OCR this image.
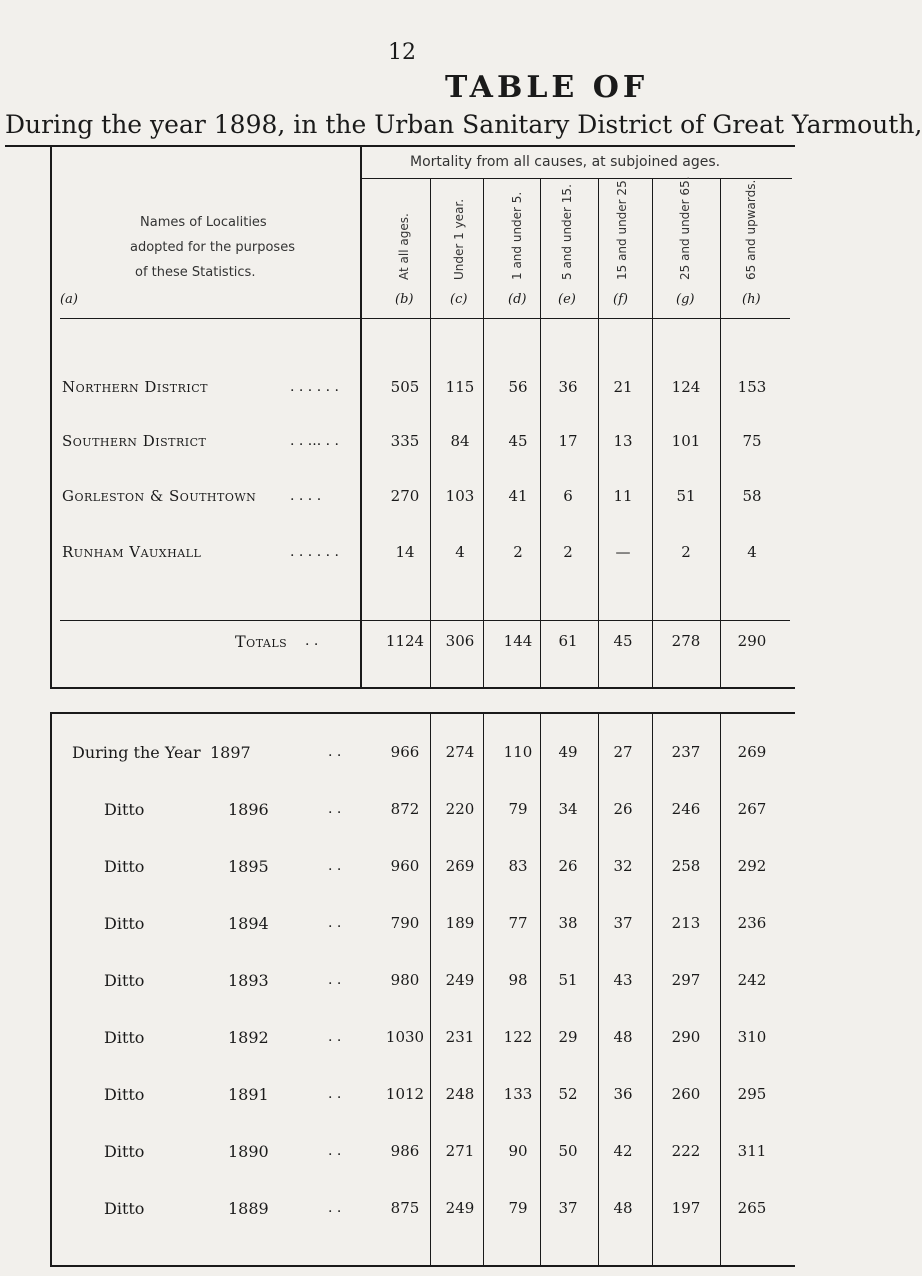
12
TABLE OF
During the year 1898, in the Urban Sanitary District of Great Yarmouth,
Mortality from all causes, at subjoined ages.
Names of Localities
adopted for the purposes
of these Statistics.
(a)
At all ages.
(b)
Under 1 year.
(c)
1 and under 5.
(d)
5 and under 15.
(e)
15 and under 25
(f)
25 and under 65.
(g)
65 and upwards.
(h)
Northern District	. . . . . .	505	115	56	36	21	124	153
Southern District	. . ... . .	335	84	45	17	13	101	75
Gorleston & Southtown . . . .	270	103	41	6	11	51	58
Runham Vauxhall	. . . . . .	14	4	2	2	—	2	4
Totals . .	1124	306	144	61	45	278	290
During the Year 1897	. .	966	274	110	49	27	237	269
Ditto	1896	. .	872	220	79	34	26	246	267
Ditto	1895	. .	960	269	83	26	32	258	292
Ditto	1894	. .	790	189	77	38	37	213	236
Ditto	1893	. .	980	249	98	51	43	297	242
Ditto	1892	. .	1030	231	122	29	48	290	310
Ditto	1891	. .	1012	248	133	52	36	260	295
Ditto	1890	. .	986	271	90	50	42	222	311
Ditto	1889	. .	875	249	79	37	48	197	265
